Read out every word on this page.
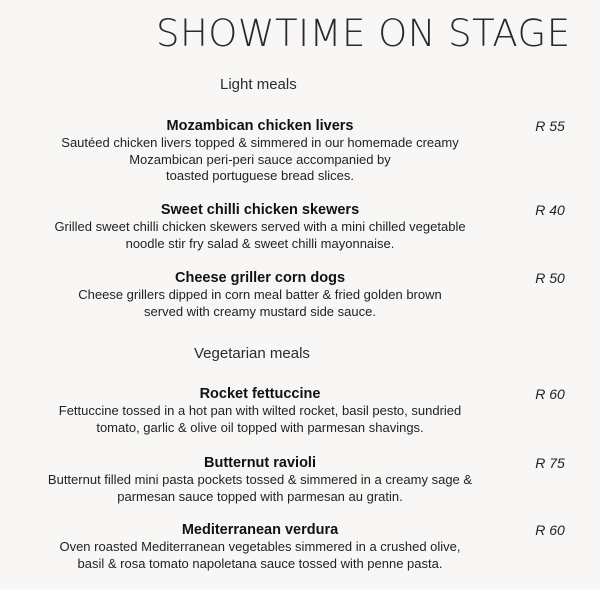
SHOWTIME ON STAGE
Light meals
Mozambican chicken livers
Sautéed chicken livers topped & simmered in our homemade creamy
Mozambican peri-peri sauce accompanied by
toasted portuguese bread slices.
R 55
Sweet chilli chicken skewers
Grilled sweet chilli chicken skewers served with a mini chilled vegetable
noodle stir fry salad & sweet chilli mayonnaise.
R 40
Cheese griller corn dogs
Cheese grillers dipped in corn meal batter & fried golden brown
served with creamy mustard side sauce.
R 50
Vegetarian meals
Rocket fettuccine
Fettuccine tossed in a hot pan with wilted rocket, basil pesto, sundried
tomato, garlic & olive oil topped with parmesan shavings.
R 60
Butternut ravioli
Butternut filled mini pasta pockets tossed & simmered in a creamy sage &
parmesan sauce topped with parmesan au gratin.
R 75
Mediterranean verdura
Oven roasted Mediterranean vegetables simmered in a crushed olive,
basil & rosa tomato napoletana sauce tossed with penne pasta.
R 60
